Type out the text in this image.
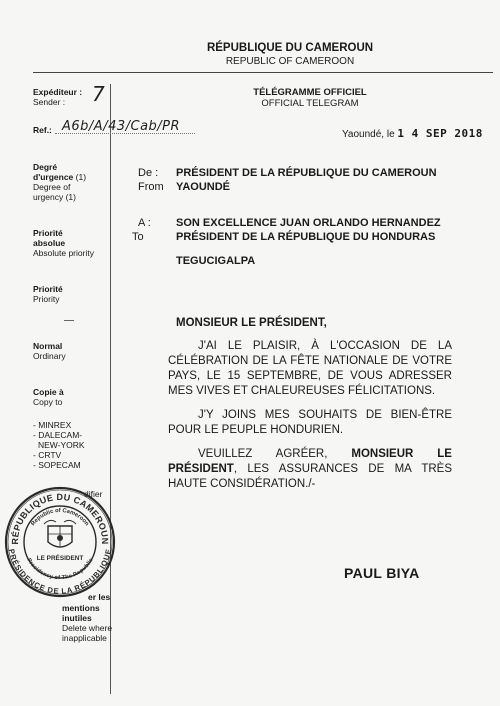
RÉPUBLIQUE DU CAMEROUN
REPUBLIC OF CAMEROON
Expéditeur :
Sender : 7
Ref.: A6b/A/43/Cab/PR
TÉLÉGRAMME OFFICIEL
OFFICIAL TELEGRAM
Yaoundé, le 1 4 SEP 2018
Degré
d'urgence (1)
Degree of
urgency (1)
De :
From
PRÉSIDENT DE LA RÉPUBLIQUE DU CAMEROUN
YAOUNDÉ
Priorité
absolue
Absolute priority
A :
To
SON EXCELLENCE JUAN ORLANDO HERNANDEZ
PRÉSIDENT DE LA RÉPUBLIQUE DU HONDURAS
TEGUCIGALPA
Priorité
Priority
MONSIEUR LE PRÉSIDENT,
Normal
Ordinary
J'AI LE PLAISIR, À L'OCCASION DE LA CÉLÉBRATION DE LA FÊTE NATIONALE DE VOTRE PAYS, LE 15 SEPTEMBRE, DE VOUS ADRESSER MES VIVES ET CHALEUREUSES FÉLICITATIONS.
Copie à
Copy to
- MINREX
- DALECAM-
NEW-YORK
- CRTV
- SOPECAM
J'Y JOINS MES SOUHAITS DE BIEN-ÊTRE POUR LE PEUPLE HONDURIEN.
VEUILLEZ AGRÉER, MONSIEUR LE PRÉSIDENT, LES ASSURANCES DE MA TRÈS HAUTE CONSIDÉRATION./-
difier
RÉPUBLIQUE DU CAMEROUN
PRÉSIDENCE DE LA RÉPUBLIQUE
Republic of Cameroon
Presidency of The Republic
LE PRÉSIDENT
PAUL BIYA
er les
mentions
inutiles
Delete where
inapplicable
